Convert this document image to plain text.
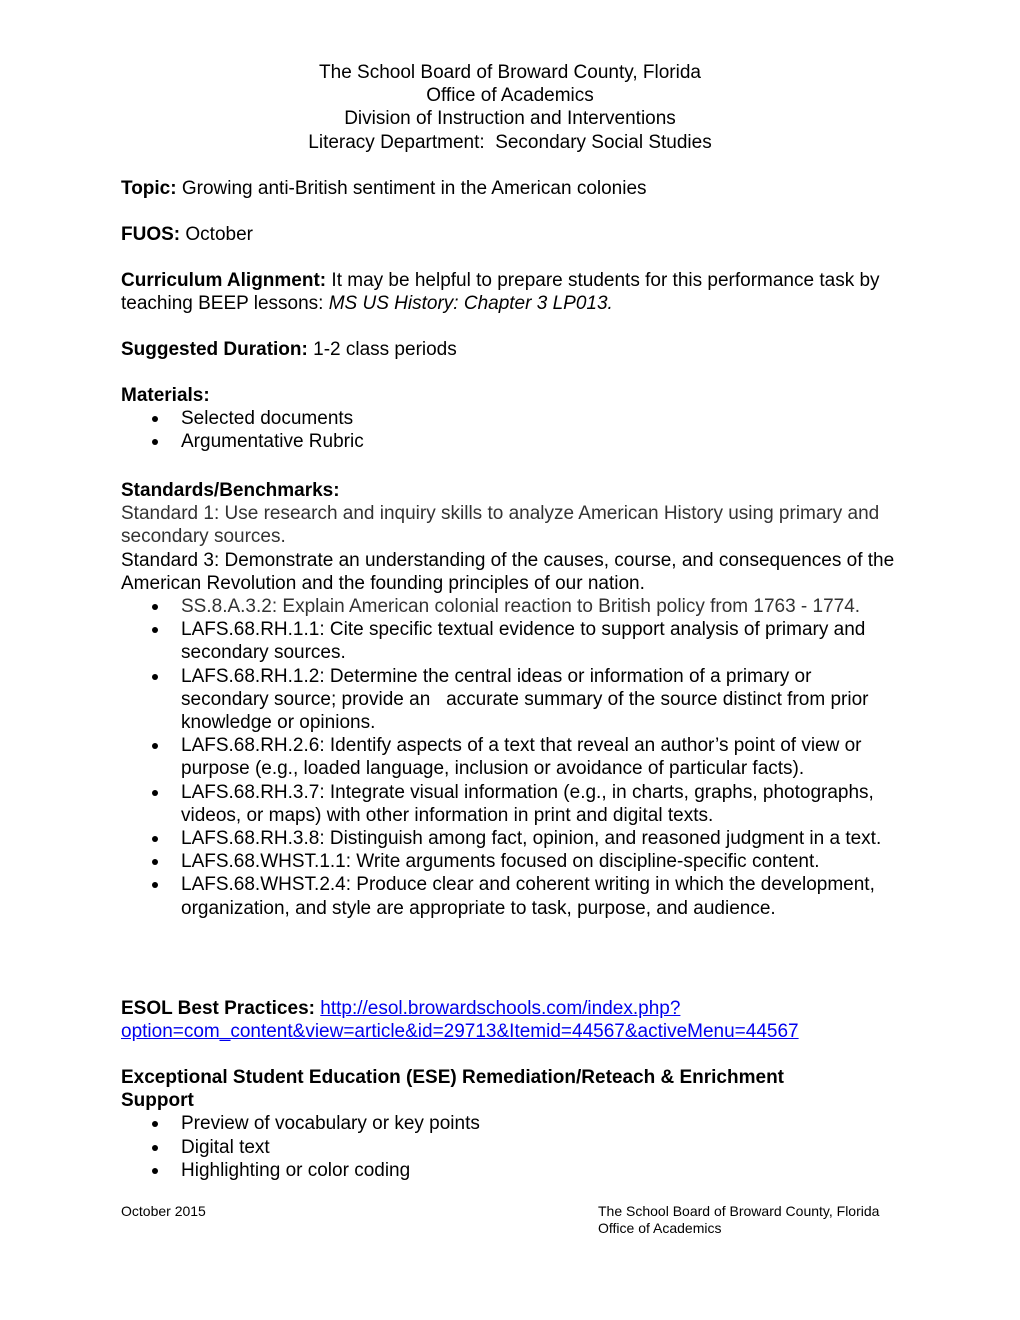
The School Board of Broward County, Florida
Office of Academics
Division of Instruction and Interventions
Literacy Department:  Secondary Social Studies
Topic: Growing anti-British sentiment in the American colonies
FUOS: October
Curriculum Alignment: It may be helpful to prepare students for this performance task by teaching BEEP lessons: MS US History: Chapter 3 LP013.
Suggested Duration: 1-2 class periods
Materials:
Selected documents
Argumentative Rubric
Standards/Benchmarks:
Standard 1: Use research and inquiry skills to analyze American History using primary and secondary sources.
Standard 3: Demonstrate an understanding of the causes, course, and consequences of the American Revolution and the founding principles of our nation.
SS.8.A.3.2: Explain American colonial reaction to British policy from 1763 - 1774.
LAFS.68.RH.1.1: Cite specific textual evidence to support analysis of primary and secondary sources.
LAFS.68.RH.1.2: Determine the central ideas or information of a primary or secondary source; provide an   accurate summary of the source distinct from prior knowledge or opinions.
LAFS.68.RH.2.6: Identify aspects of a text that reveal an author’s point of view or purpose (e.g., loaded language, inclusion or avoidance of particular facts).
LAFS.68.RH.3.7: Integrate visual information (e.g., in charts, graphs, photographs, videos, or maps) with other information in print and digital texts.
LAFS.68.RH.3.8: Distinguish among fact, opinion, and reasoned judgment in a text.
LAFS.68.WHST.1.1: Write arguments focused on discipline-specific content.
LAFS.68.WHST.2.4: Produce clear and coherent writing in which the development, organization, and style are appropriate to task, purpose, and audience.
ESOL Best Practices: http://esol.browardschools.com/index.php?
option=com_content&view=article&id=29713&Itemid=44567&activeMenu=44567
Exceptional Student Education (ESE) Remediation/Reteach & Enrichment Support
Preview of vocabulary or key points
Digital text
Highlighting or color coding
October 2015	The School Board of Broward County, Florida
Office of Academics
